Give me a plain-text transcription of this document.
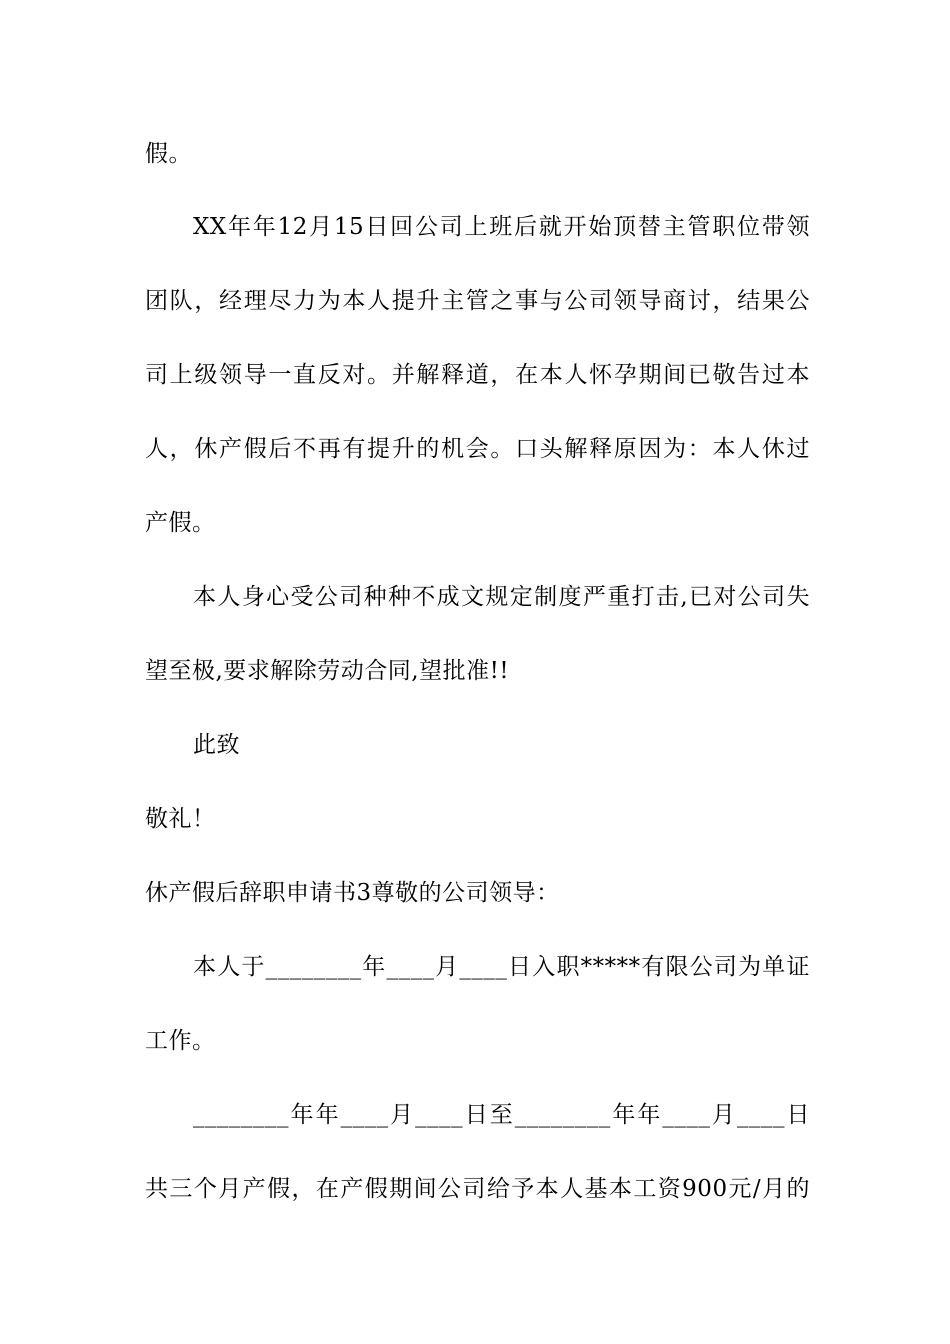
假。
XX年年12月15日回公司上班后就开始顶替主管职位带领
团队，经理尽力为本人提升主管之事与公司领导商讨，结果公
司上级领导一直反对。并解释道，在本人怀孕期间已敬告过本
人，休产假后不再有提升的机会。口头解释原因为：本人休过
产假。
本人身心受公司种种不成文规定制度严重打击,已对公司失
望至极,要求解除劳动合同,望批准!!
此致
敬礼！
休产假后辞职申请书3尊敬的公司领导：
本人于________年____月____日入职*****有限公司为单证
工作。
________年年____月____日至________年年____月____日
共三个月产假，在产假期间公司给予本人基本工资900元/月的
